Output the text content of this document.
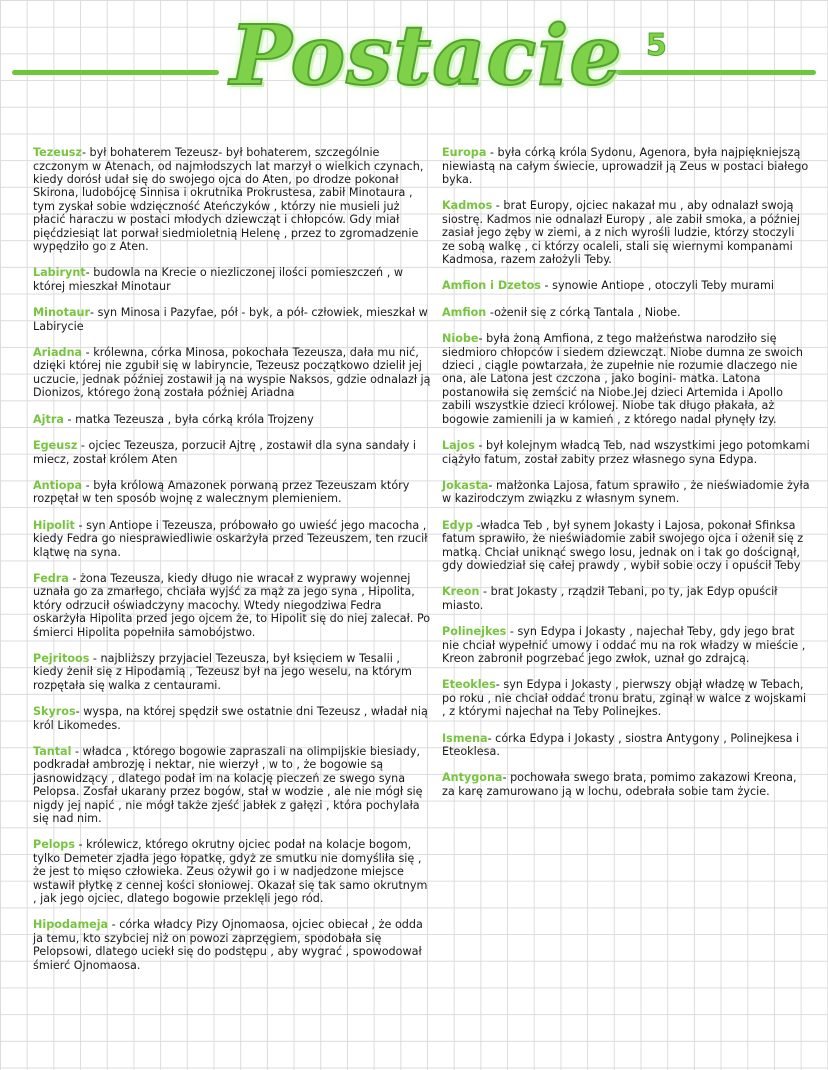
Postacie 5

Tezeusz- był bohaterem Tezeusz- był bohaterem, szczególnie czczonym w Atenach, od najmłodszych lat marzył o wielkich czynach, kiedy dorósł udał się do swojego ojca do Aten, po drodze pokonał Skirona, ludobójcę Sinnisa i okrutnika Prokrustesa, zabił Minotaura , tym zyskał sobie wdzięczność Ateńczyków , którzy nie musieli już płacić haraczu w postaci młodych dziewcząt i chłopców. Gdy miał pięćdziesiąt lat porwał siedmioletnią Helenę , przez to zgromadzenie wypędziło go z Aten.

Labirynt- budowla na Krecie o niezliczonej ilości pomieszczeń , w której mieszkał Minotaur

Minotaur- syn Minosa i Pazyfae, pół - byk, a pół- człowiek, mieszkał w Labirycie

Ariadna - królewna, córka Minosa, pokochała Tezeusza, dała mu nić, dzięki której nie zgubił się w labiryncie, Tezeusz początkowo dzielił jej uczucie, jednak później zostawił ją na wyspie Naksos, gdzie odnalazł ją Dionizos, którego żoną została później Ariadna

Ajtra - matka Tezeusza , była córką króla Trojzeny

Egeusz - ojciec Tezeusza, porzucił Ajtrę , zostawił dla syna sandały i miecz, został królem Aten

Antiopa - była królową Amazonek porwaną przez Tezeuszam który rozpętał w ten sposób wojnę z walecznym plemieniem.

Hipolit - syn Antiope i Tezeusza, próbowało go uwieść jego macocha , kiedy Fedra go niesprawiedliwie oskarżyła przed Tezeuszem, ten rzucił klątwę na syna.

Fedra - żona Tezeusza, kiedy długo nie wracał z wyprawy wojennej uznała go za zmarłego, chciała wyjść za mąż za jego syna , Hipolita, który odrzucił oświadczyny macochy. Wtedy niegodziwa Fedra oskarżyła Hipolita przed jego ojcem że, to Hipolit się do niej zalecał. Po śmierci Hipolita popełniła samobójstwo.

Pejritoos - najbliższy przyjaciel Tezeusza, był księciem w Tesalii , kiedy żenił się z Hipodamią , Tezeusz był na jego weselu, na którym rozpętała się walka z centaurami.

Skyros- wyspa, na której spędził swe ostatnie dni Tezeusz , władał nią król Likomedes.

Tantal - władca , którego bogowie zapraszali na olimpijskie biesiady, podkradał ambrozję i nektar, nie wierzył , w to , że bogowie są jasnowidzący , dlatego podał im na kolację pieczeń ze swego syna Pelopsa. Zosfał ukarany przez bogów, stał w wodzie , ale nie mógł się nigdy jej napić , nie mógł także zjeść jabłek z gałęzi , która pochylała się nad nim.

Pelops - królewicz, którego okrutny ojciec podał na kolacje bogom, tylko Demeter zjadła jego łopatkę, gdyż ze smutku nie domyśliła się , że jest to mięso człowieka. Zeus ożywił go i w nadjedzone miejsce wstawił płytkę z cennej kości słoniowej. Okazał się tak samo okrutnym , jak jego ojciec, dlatego bogowie przeklęli jego ród.

Hipodameja - córka władcy Pizy Ojnomaosa, ojciec obiecał , że odda ja temu, kto szybciej niż on powozi zaprzęgiem, spodobała się Pelopsowi, dlatego uciekł się do podstępu , aby wygrać , spowodował śmierć Ojnomaosa.

Europa - była córką króla Sydonu, Agenora, była najpiękniejszą niewiastą na całym świecie, uprowadził ją Zeus w postaci białego byka.

Kadmos - brat Europy, ojciec nakazał mu , aby odnalazł swoją siostrę. Kadmos nie odnalazł Europy , ale zabił smoka, a później zasiał jego zęby w ziemi, a z nich wyrośli ludzie, którzy stoczyli ze sobą walkę , ci którzy ocaleli, stali się wiernymi kompanami Kadmosa, razem założyli Teby.

Amfion i Dzetos - synowie Antiope , otoczyli Teby murami

Amfion -ożenił się z córką Tantala , Niobe.

Niobe- była żoną Amfiona, z tego małżeństwa narodziło się siedmioro chłopców i siedem dziewcząt. Niobe dumna ze swoich dzieci , ciągle powtarzała, że zupełnie nie rozumie dlaczego nie ona, ale Latona jest czczona , jako bogini- matka. Latona postanowiła się zemścić na Niobe.Jej dzieci Artemida i Apollo zabili wszystkie dzieci królowej. Niobe tak długo płakała, aż bogowie zamienili ja w kamień , z którego nadal płynęły łzy.

Lajos - był kolejnym władcą Teb, nad wszystkimi jego potomkami ciążyło fatum, został zabity przez własnego syna Edypa.

Jokasta- małżonka Lajosa, fatum sprawiło , że nieświadomie żyła w kazirodczym związku z własnym synem.

Edyp -władca Teb , był synem Jokasty i Lajosa, pokonał Sfinksa fatum sprawiło, że nieświadomie zabił swojego ojca i ożenił się z matką. Chciał uniknąć swego losu, jednak on i tak go doścignął, gdy dowiedział się całej prawdy , wybił sobie oczy i opuścił Teby

Kreon - brat Jokasty , rządził Tebani, po ty, jak Edyp opuścił miasto.

Polinejkes - syn Edypa i Jokasty , najechał Teby, gdy jego brat nie chciał wypełnić umowy i oddać mu na rok władzy w mieście , Kreon zabronił pogrzebać jego zwłok, uznał go zdrajcą.

Eteokles- syn Edypa i Jokasty , pierwszy objął władzę w Tebach, po roku , nie chciał oddać tronu bratu, zginął w walce z wojskami , z którymi najechał na Teby Polinejkes.

Ismena- córka Edypa i Jokasty , siostra Antygony , Polinejkesa i Eteoklesa.

Antygona- pochowała swego brata, pomimo zakazowi Kreona, za karę zamurowano ją w lochu, odebrała sobie tam życie.
